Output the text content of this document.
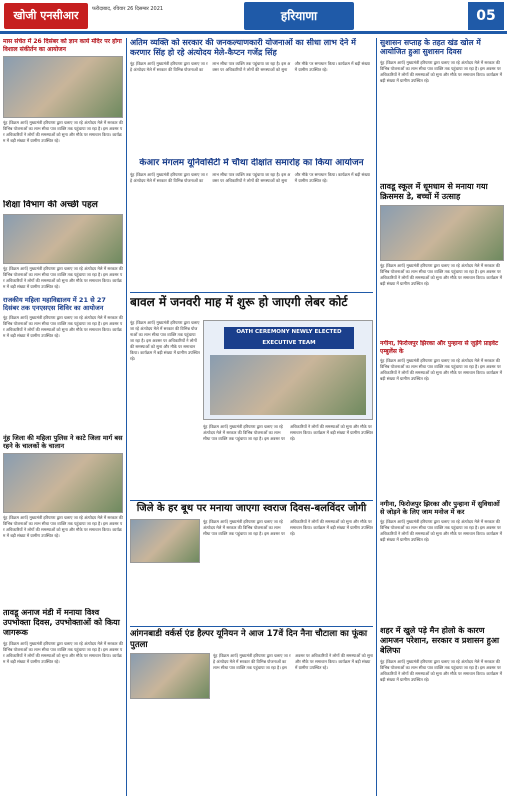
खोजी एनसीआर	फरीदाबाद, रविवार 26 दिसम्बर 2021	हरियाणा	05
मास संचेत में 26 दिसंबर को ज्ञान कार्य मंदिर पर होगा विशाल संकीर्तन का आयोजन
नूंह (विक्रम आर्य) मुख्यमंत्री हरियाणा द्वारा चलाए जा रहे अंत्योदय मेले में सरकार की विभिन्न योजनाओं का लाभ सीधा पात्र व्यक्ति तक पहुंचाया जा रहा है। इस अवसर पर अधिकारियों ने लोगों की समस्याओं को सुना और मौके पर समाधान किया। कार्यक्रम में बड़ी संख्या में ग्रामीण उपस्थित रहे।
शिक्षा विभाग की अच्छी पहल
नूंह (विक्रम आर्य) मुख्यमंत्री हरियाणा द्वारा चलाए जा रहे अंत्योदय मेले में सरकार की विभिन्न योजनाओं का लाभ सीधा पात्र व्यक्ति तक पहुंचाया जा रहा है। इस अवसर पर अधिकारियों ने लोगों की समस्याओं को सुना और मौके पर समाधान किया। कार्यक्रम में बड़ी संख्या में ग्रामीण उपस्थित रहे।
राजकीय महिला महाविद्यालय में 21 से 27 दिसंबर तक एनएसएस शिविर का आयोजन
नूंह (विक्रम आर्य) मुख्यमंत्री हरियाणा द्वारा चलाए जा रहे अंत्योदय मेले में सरकार की विभिन्न योजनाओं का लाभ सीधा पात्र व्यक्ति तक पहुंचाया जा रहा है। इस अवसर पर अधिकारियों ने लोगों की समस्याओं को सुना और मौके पर समाधान किया। कार्यक्रम में बड़ी संख्या में ग्रामीण उपस्थित रहे।
नूंह जिला की महिला पुलिस ने काटे जिला मार्ग बस रहने के चालकों के चालान
नूंह (विक्रम आर्य) मुख्यमंत्री हरियाणा द्वारा चलाए जा रहे अंत्योदय मेले में सरकार की विभिन्न योजनाओं का लाभ सीधा पात्र व्यक्ति तक पहुंचाया जा रहा है। इस अवसर पर अधिकारियों ने लोगों की समस्याओं को सुना और मौके पर समाधान किया। कार्यक्रम में बड़ी संख्या में ग्रामीण उपस्थित रहे।
तावडू अनाज मंडी में मनाया विश्व उपभोक्ता दिवस, उपभोक्ताओं को किया जागरूक
नूंह (विक्रम आर्य) मुख्यमंत्री हरियाणा द्वारा चलाए जा रहे अंत्योदय मेले में सरकार की विभिन्न योजनाओं का लाभ सीधा पात्र व्यक्ति तक पहुंचाया जा रहा है। इस अवसर पर अधिकारियों ने लोगों की समस्याओं को सुना और मौके पर समाधान किया। कार्यक्रम में बड़ी संख्या में ग्रामीण उपस्थित रहे।
अतिम व्यक्ति को सरकार की जनकल्याणकारी योजनाओं का सीधा लाभ देने में करणार सिंह हो रहे अंत्योदय मेले-कैप्टन गजेंद्र सिंह
नूंह (विक्रम आर्य) मुख्यमंत्री हरियाणा द्वारा चलाए जा रहे अंत्योदय मेले में सरकार की विभिन्न योजनाओं का लाभ सीधा पात्र व्यक्ति तक पहुंचाया जा रहा है। इस अवसर पर अधिकारियों ने लोगों की समस्याओं को सुना और मौके पर समाधान किया। कार्यक्रम में बड़ी संख्या में ग्रामीण उपस्थित रहे।
केआर मंगलम यूनिवर्सिटी में चौथा दीक्षांत समारोह का किया आयोजन
नूंह (विक्रम आर्य) मुख्यमंत्री हरियाणा द्वारा चलाए जा रहे अंत्योदय मेले में सरकार की विभिन्न योजनाओं का लाभ सीधा पात्र व्यक्ति तक पहुंचाया जा रहा है। इस अवसर पर अधिकारियों ने लोगों की समस्याओं को सुना और मौके पर समाधान किया। कार्यक्रम में बड़ी संख्या में ग्रामीण उपस्थित रहे।
बावल में जनवरी माह में शुरू हो जाएगी लेबर कोर्ट
नूंह (विक्रम आर्य) मुख्यमंत्री हरियाणा द्वारा चलाए जा रहे अंत्योदय मेले में सरकार की विभिन्न योजनाओं का लाभ सीधा पात्र व्यक्ति तक पहुंचाया जा रहा है। इस अवसर पर अधिकारियों ने लोगों की समस्याओं को सुना और मौके पर समाधान किया। कार्यक्रम में बड़ी संख्या में ग्रामीण उपस्थित रहे।
OATH CEREMONY NEWLY ELECTED EXECUTIVE TEAM
नूंह (विक्रम आर्य) मुख्यमंत्री हरियाणा द्वारा चलाए जा रहे अंत्योदय मेले में सरकार की विभिन्न योजनाओं का लाभ सीधा पात्र व्यक्ति तक पहुंचाया जा रहा है। इस अवसर पर अधिकारियों ने लोगों की समस्याओं को सुना और मौके पर समाधान किया। कार्यक्रम में बड़ी संख्या में ग्रामीण उपस्थित रहे।
जिले के हर बूथ पर मनाया जाएगा स्वराज दिवस-बलविंदर जोगी
नूंह (विक्रम आर्य) मुख्यमंत्री हरियाणा द्वारा चलाए जा रहे अंत्योदय मेले में सरकार की विभिन्न योजनाओं का लाभ सीधा पात्र व्यक्ति तक पहुंचाया जा रहा है। इस अवसर पर अधिकारियों ने लोगों की समस्याओं को सुना और मौके पर समाधान किया। कार्यक्रम में बड़ी संख्या में ग्रामीण उपस्थित रहे।
आंगनबाडी वर्कर्स एंड हैल्पर यूनियन ने आज 17वें दिन नैना चौटाला का फूंका पुतला
नूंह (विक्रम आर्य) मुख्यमंत्री हरियाणा द्वारा चलाए जा रहे अंत्योदय मेले में सरकार की विभिन्न योजनाओं का लाभ सीधा पात्र व्यक्ति तक पहुंचाया जा रहा है। इस अवसर पर अधिकारियों ने लोगों की समस्याओं को सुना और मौके पर समाधान किया। कार्यक्रम में बड़ी संख्या में ग्रामीण उपस्थित रहे।
सुशासन सप्ताह के तहत खंड खोल में आयोजित हुआ सुशासन दिवस
नूंह (विक्रम आर्य) मुख्यमंत्री हरियाणा द्वारा चलाए जा रहे अंत्योदय मेले में सरकार की विभिन्न योजनाओं का लाभ सीधा पात्र व्यक्ति तक पहुंचाया जा रहा है। इस अवसर पर अधिकारियों ने लोगों की समस्याओं को सुना और मौके पर समाधान किया। कार्यक्रम में बड़ी संख्या में ग्रामीण उपस्थित रहे।
तावडू स्कूल में धूमधाम से मनाया गया क्रिसमस डे, बच्चों में उत्साह
नूंह (विक्रम आर्य) मुख्यमंत्री हरियाणा द्वारा चलाए जा रहे अंत्योदय मेले में सरकार की विभिन्न योजनाओं का लाभ सीधा पात्र व्यक्ति तक पहुंचाया जा रहा है। इस अवसर पर अधिकारियों ने लोगों की समस्याओं को सुना और मौके पर समाधान किया। कार्यक्रम में बड़ी संख्या में ग्रामीण उपस्थित रहे।
नगीना, फिरोजपुर झिरका और पुन्हाना से जुड़ेंगे प्राइवेट एम्बुलेंस के
नूंह (विक्रम आर्य) मुख्यमंत्री हरियाणा द्वारा चलाए जा रहे अंत्योदय मेले में सरकार की विभिन्न योजनाओं का लाभ सीधा पात्र व्यक्ति तक पहुंचाया जा रहा है। इस अवसर पर अधिकारियों ने लोगों की समस्याओं को सुना और मौके पर समाधान किया। कार्यक्रम में बड़ी संख्या में ग्रामीण उपस्थित रहे।
नगीना, फिरोजपुर झिरका और पुन्हाना में सुविधाओं से जोड़ने के लिए जाम मनोज में कर
नूंह (विक्रम आर्य) मुख्यमंत्री हरियाणा द्वारा चलाए जा रहे अंत्योदय मेले में सरकार की विभिन्न योजनाओं का लाभ सीधा पात्र व्यक्ति तक पहुंचाया जा रहा है। इस अवसर पर अधिकारियों ने लोगों की समस्याओं को सुना और मौके पर समाधान किया। कार्यक्रम में बड़ी संख्या में ग्रामीण उपस्थित रहे।
शहर में खुले पड़े मैन होलो के कारण आमजन परेशान, सरकार व प्रशासन हुआ बेलिफा
नूंह (विक्रम आर्य) मुख्यमंत्री हरियाणा द्वारा चलाए जा रहे अंत्योदय मेले में सरकार की विभिन्न योजनाओं का लाभ सीधा पात्र व्यक्ति तक पहुंचाया जा रहा है। इस अवसर पर अधिकारियों ने लोगों की समस्याओं को सुना और मौके पर समाधान किया। कार्यक्रम में बड़ी संख्या में ग्रामीण उपस्थित रहे।
